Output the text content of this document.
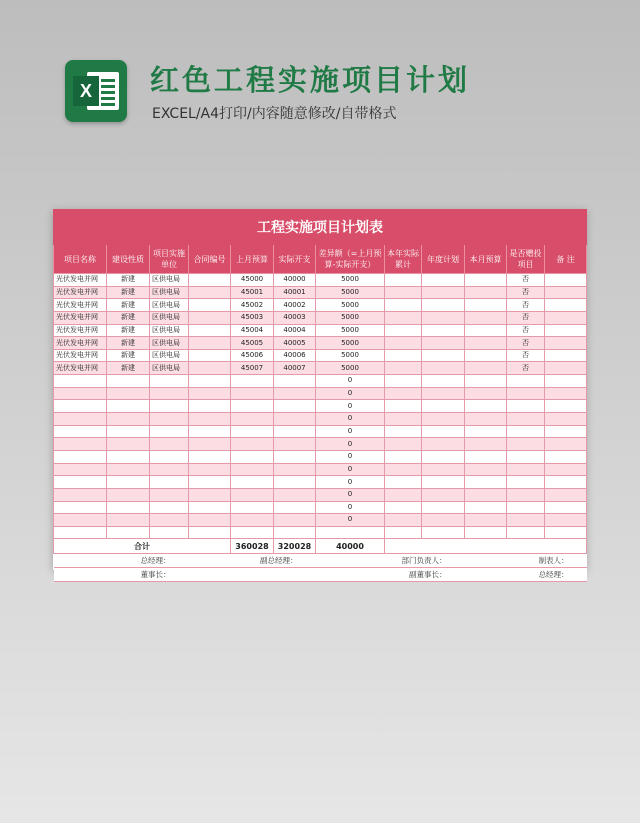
X 红色工程实施项目计划
EXCEL/A4打印/内容随意修改/自带格式
工程实施项目计划表											
项目名称	建设性质	项目实施单位	合同编号	上月预算	实际开支	差异额（=上月预算-实际开支）	本年实际累计	年度计划	本月预算	是否赠投项目	备 注
光伏发电并网	新建	区供电局		45000	40000	5000				否	
光伏发电并网	新建	区供电局		45001	40001	5000				否	
光伏发电并网	新建	区供电局		45002	40002	5000				否	
光伏发电并网	新建	区供电局		45003	40003	5000				否	
光伏发电并网	新建	区供电局		45004	40004	5000				否	
光伏发电并网	新建	区供电局		45005	40005	5000				否	
光伏发电并网	新建	区供电局		45006	40006	5000				否	
光伏发电并网	新建	区供电局		45007	40007	5000				否	
						0					
						0					
						0					
						0					
						0					
						0					
						0					
						0					
						0					
						0					
						0					
						0					

合计				360028	320028	40000					
总经理：			副总经理：			部门负责人：			制表人：		
董事长：						副董事长：			总经理：		
